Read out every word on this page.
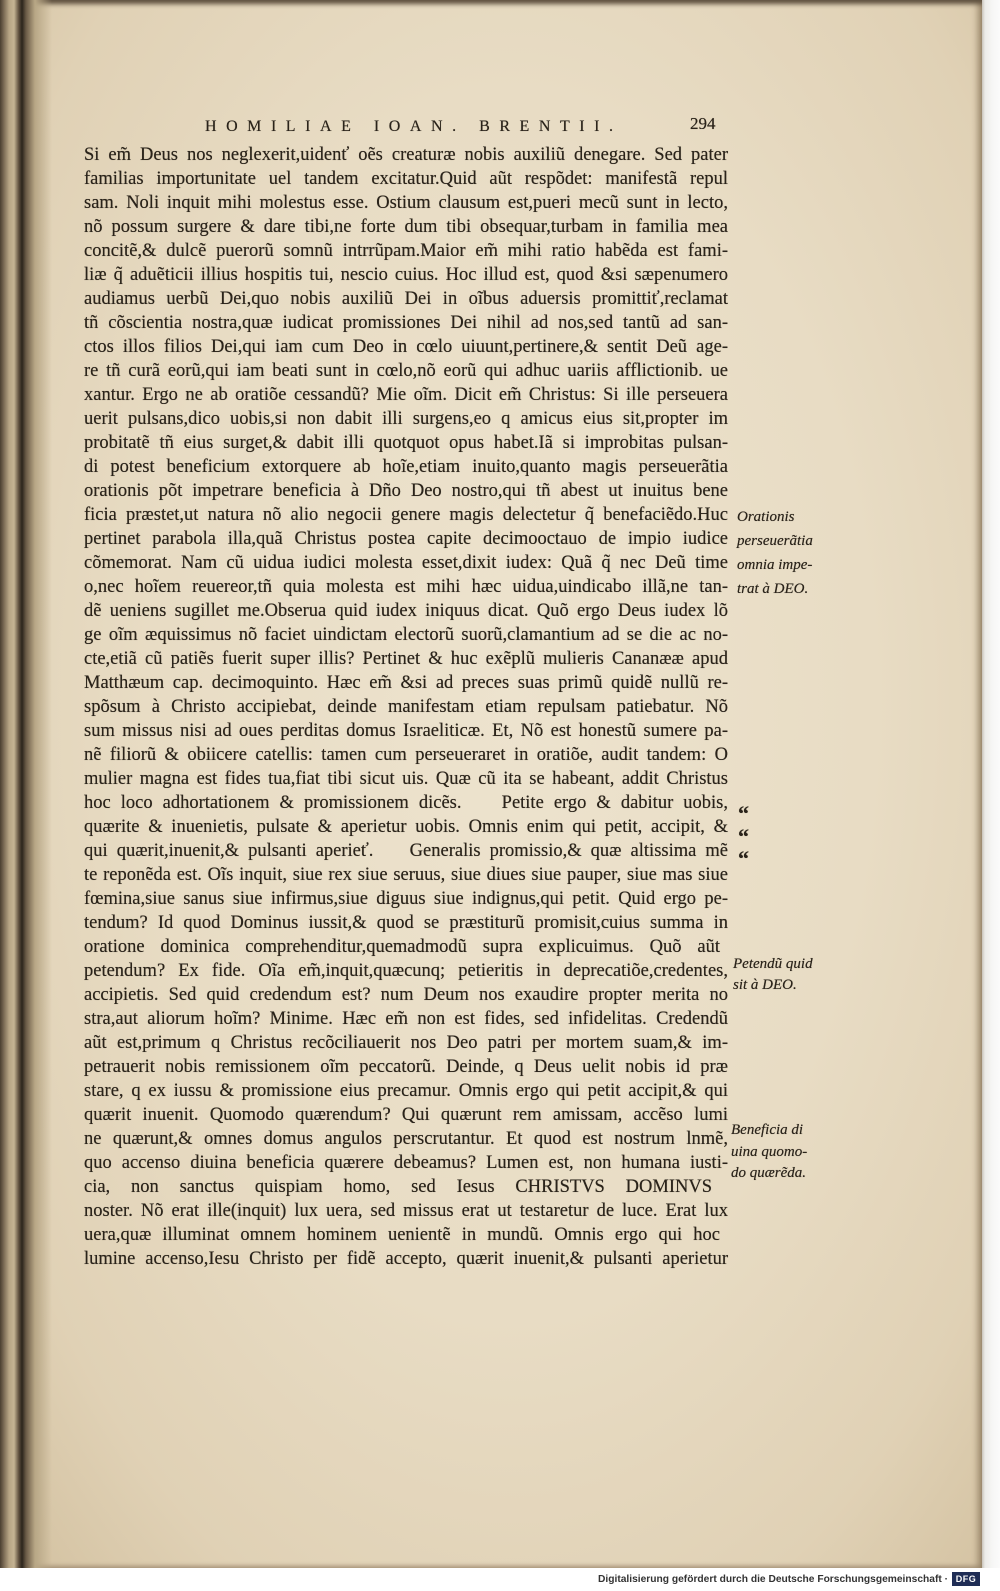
HOMILIAE IOAN. BRENTII.	294
Si em̃ Deus nos neglexerit,uidenť oẽs creaturæ nobis auxiliũ denegare. Sed pater
familias importunitate uel tandem excitatur.Quid aũt respõdet: manifestã repul
sam. Noli inquit mihi molestus esse. Ostium clausum est,pueri mecũ sunt in lecto,
nõ possum surgere & dare tibi,ne forte dum tibi obsequar,turbam in familia mea
concitẽ,& dulcẽ puerorũ somnũ intrrũpam.Maior em̃ mihi ratio habẽda est fami-
liæ q̃ aduẽticii illius hospitis tui, nescio cuius. Hoc illud est, quod &si sæpenumero
audiamus uerbũ Dei,quo nobis auxiliũ Dei in oĩbus aduersis promittiť,reclamat
tñ cõscientia nostra,quæ iudicat promissiones Dei nihil ad nos,sed tantũ ad san-
ctos illos filios Dei,qui iam cum Deo in cœlo uiuunt,pertinere,& sentit Deũ age-
re tñ curã eorũ,qui iam beati sunt in cœlo,nõ eorũ qui adhuc uariis afflictionib. ue
xantur. Ergo ne ab oratiõe cessandũ? Mie oĩm. Dicit em̃ Christus: Si ille perseuera
uerit pulsans,dico uobis,si non dabit illi surgens,eo q amicus eius sit,propter im
probitatẽ tñ eius surget,& dabit illi quotquot opus habet.Iã si improbitas pulsan-
di potest beneficium extorquere ab hoĩe,etiam inuito,quanto magis perseuerãtia
orationis põt impetrare beneficia à Dño Deo nostro,qui tñ abest ut inuitus bene
ficia præstet,ut natura nõ alio negocii genere magis delectetur q̃ benefaciẽdo.Huc
pertinet parabola illa,quã Christus postea capite decimooctauo de impio iudice
cõmemorat. Nam cũ uidua iudici molesta esset,dixit iudex: Quã q̃ nec Deũ time
o,nec hoĩem reuereor,tñ quia molesta est mihi hæc uidua,uindicabo illã,ne tan-
dẽ ueniens sugillet me.Obserua quid iudex iniquus dicat. Quõ ergo Deus iudex lõ
ge oĩm æquissimus nõ faciet uindictam electorũ suorũ,clamantium ad se die ac no-
cte,etiã cũ patiẽs fuerit super illis? Pertinet & huc exẽplũ mulieris Cananææ apud
Matthæum cap. decimoquinto. Hæc em̃ &si ad preces suas primũ quidẽ nullũ re-
spõsum à Christo accipiebat, deinde manifestam etiam repulsam patiebatur. Nõ
sum missus nisi ad oues perditas domus Israeliticæ. Et, Nõ est honestũ sumere pa-
nẽ filiorũ & obiicere catellis: tamen cum perseueraret in oratiõe, audit tandem: O
mulier magna est fides tua,fiat tibi sicut uis. Quæ cũ ita se habeant, addit Christus
hoc loco adhortationem & promissionem dicẽs.    Petite ergo & dabitur uobis,
quærite & inuenietis, pulsate & aperietur uobis. Omnis enim qui petit, accipit, &
qui quærit,inuenit,& pulsanti aperieť.    Generalis promissio,& quæ altissima mẽ
te reponẽda est. Oĩs inquit, siue rex siue seruus, siue diues siue pauper, siue mas siue
fœmina,siue sanus siue infirmus,siue diguus siue indignus,qui petit. Quid ergo pe-
tendum? Id quod Dominus iussit,& quod se præstiturũ promisit,cuius summa in
oratione dominica comprehenditur,quemadmodũ supra explicuimus. Quõ aũt
petendum? Ex fide. Oĩa em̃,inquit,quæcunq; petieritis in deprecatiõe,credentes,
accipietis. Sed quid credendum est? num Deum nos exaudire propter merita no
stra,aut aliorum hoĩm? Minime. Hæc em̃ non est fides, sed infidelitas. Credendũ
aũt est,primum q Christus recõciliauerit nos Deo patri per mortem suam,& im-
petrauerit nobis remissionem oĩm peccatorũ. Deinde, q Deus uelit nobis id præ
stare, q ex iussu & promissione eius precamur. Omnis ergo qui petit accipit,& qui
quærit inuenit. Quomodo quærendum? Qui quærunt rem amissam, accẽso lumi
ne quærunt,& omnes domus angulos perscrutantur. Et quod est nostrum lnmẽ,
quo accenso diuina beneficia quærere debeamus? Lumen est, non humana iusti-
cia, non sanctus quispiam homo, sed Iesus CHRISTVS DOMINVS
noster. Nõ erat ille(inquit) lux uera, sed missus erat ut testaretur de luce. Erat lux
uera,quæ illuminat omnem hominem uenientẽ in mundũ. Omnis ergo qui hoc
lumine accenso,Iesu Christo per fidẽ accepto, quærit inuenit,& pulsanti aperietur
Orationis
perseuerãtia
omnia impe-
trat à DEO.
Petendũ quid
sit à DEO.
Beneficia di
uina quomo-
do quærẽda.
“
“
“
Digitalisierung gefördert durch die Deutsche Forschungsgemeinschaft · DFG
